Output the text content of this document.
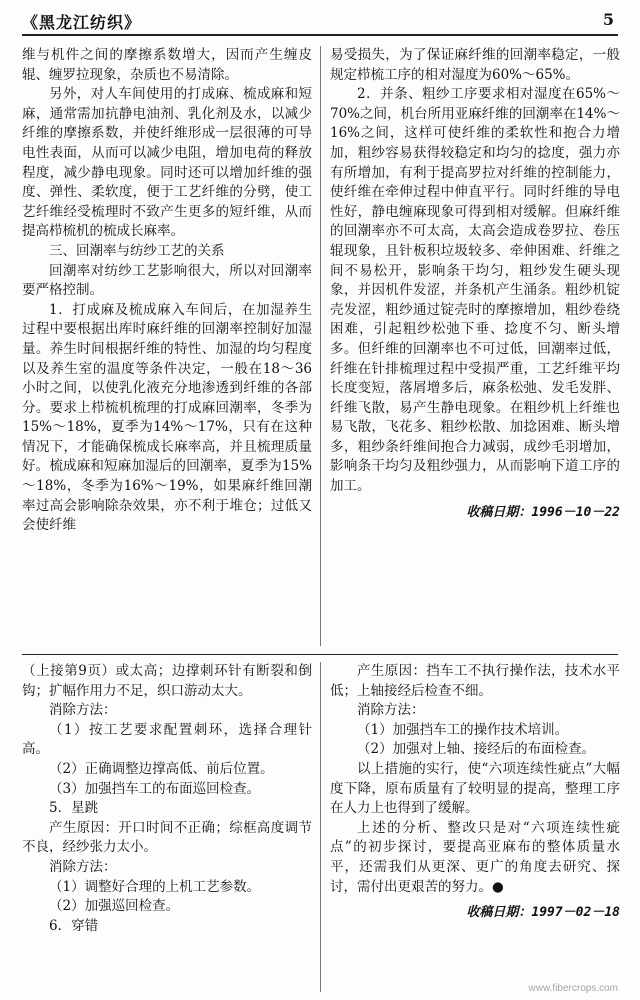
《黑龙江纺织》	5

维与机件之间的摩擦系数增大，因而产生缠皮辊、缠罗拉现象，杂质也不易清除。

另外，对人车间使用的打成麻、梳成麻和短麻，通常需加抗静电油剂、乳化剂及水，以减少纤维的摩擦系数，并使纤维形成一层很薄的可导电性表面，从而可以减少电阻，增加电荷的释放程度，减少静电现象。同时还可以增加纤维的强度、弹性、柔软度，便于工艺纤维的分劈，使工艺纤维经受梳理时不致产生更多的短纤维，从而提高栉梳机的梳成长麻率。

三、回潮率与纺纱工艺的关系

回潮率对纺纱工艺影响很大，所以对回潮率要严格控制。

1．打成麻及梳成麻入车间后，在加湿养生过程中要根据出库时麻纤维的回潮率控制好加湿量。养生时间根据纤维的特性、加湿的均匀程度以及养生室的温度等条件决定，一般在18～36小时之间，以使乳化液充分地渗透到纤维的各部分。要求上栉梳机梳理的打成麻回潮率，冬季为15%～18%，夏季为14%～17%，只有在这种情况下，才能确保梳成长麻率高，并且梳理质量好。梳成麻和短麻加湿后的回潮率，夏季为15%～18%，冬季为16%～19%，如果麻纤维回潮率过高会影响除杂效果，亦不利于堆仓；过低又会使纤维

易受损失，为了保证麻纤维的回潮率稳定，一般规定栉梳工序的相对湿度为60%～65%。

2．并条、粗纱工序要求相对湿度在65%～70%之间，机台所用亚麻纤维的回潮率在14%～16%之间，这样可使纤维的柔软性和抱合力增加，粗纱容易获得较稳定和均匀的捻度，强力亦有所增加，有利于提高罗拉对纤维的控制能力，使纤维在牵伸过程中伸直平行。同时纤维的导电性好，静电缠麻现象可得到相对缓解。但麻纤维的回潮率亦不可太高，太高会造成卷罗拉、卷压辊现象，且针板积垃圾较多、牵伸困难、纤维之间不易松开，影响条干均匀，粗纱发生硬头现象，并因机件发涩，并条机产生涌条。粗纱机锭壳发涩，粗纱通过锭壳时的摩擦增加，粗纱卷绕困难，引起粗纱松弛下垂、捻度不匀、断头增多。但纤维的回潮率也不可过低，回潮率过低，纤维在针排梳理过程中受损严重，工艺纤维平均长度变短，落屑增多后，麻条松弛、发毛发胖、纤维飞散，易产生静电现象。在粗纱机上纤维也易飞散，飞花多、粗纱松散、加捻困难、断头增多，粗纱条纤维间抱合力减弱，成纱毛羽增加，影响条干均匀及粗纱强力，从而影响下道工序的加工。

收稿日期：1996－10－22

（上接第9页）或太高；边撑刺环针有断裂和倒钩；扩幅作用力不足，织口游动太大。

消除方法：

（1）按工艺要求配置刺环，选择合理针高。

（2）正确调整边撑高低、前后位置。

（3）加强挡车工的布面巡回检查。

5．星跳

产生原因：开口时间不正确；综框高度调节不良，经纱张力太小。

消除方法：

（1）调整好合理的上机工艺参数。

（2）加强巡回检查。

6．穿错

产生原因：挡车工不执行操作法，技术水平低；上轴接经后检查不细。

消除方法：

（1）加强挡车工的操作技术培训。

（2）加强对上轴、接经后的布面检查。

以上措施的实行，使“六项连续性疵点”大幅度下降，原布质量有了较明显的提高，整理工序在人力上也得到了缓解。

上述的分析、整改只是对“六项连续性疵点”的初步探讨，要提高亚麻布的整体质量水平，还需我们从更深、更广的角度去研究、探讨，需付出更艰苦的努力。●

收稿日期：1997－02－18

www.fibercrops.com
